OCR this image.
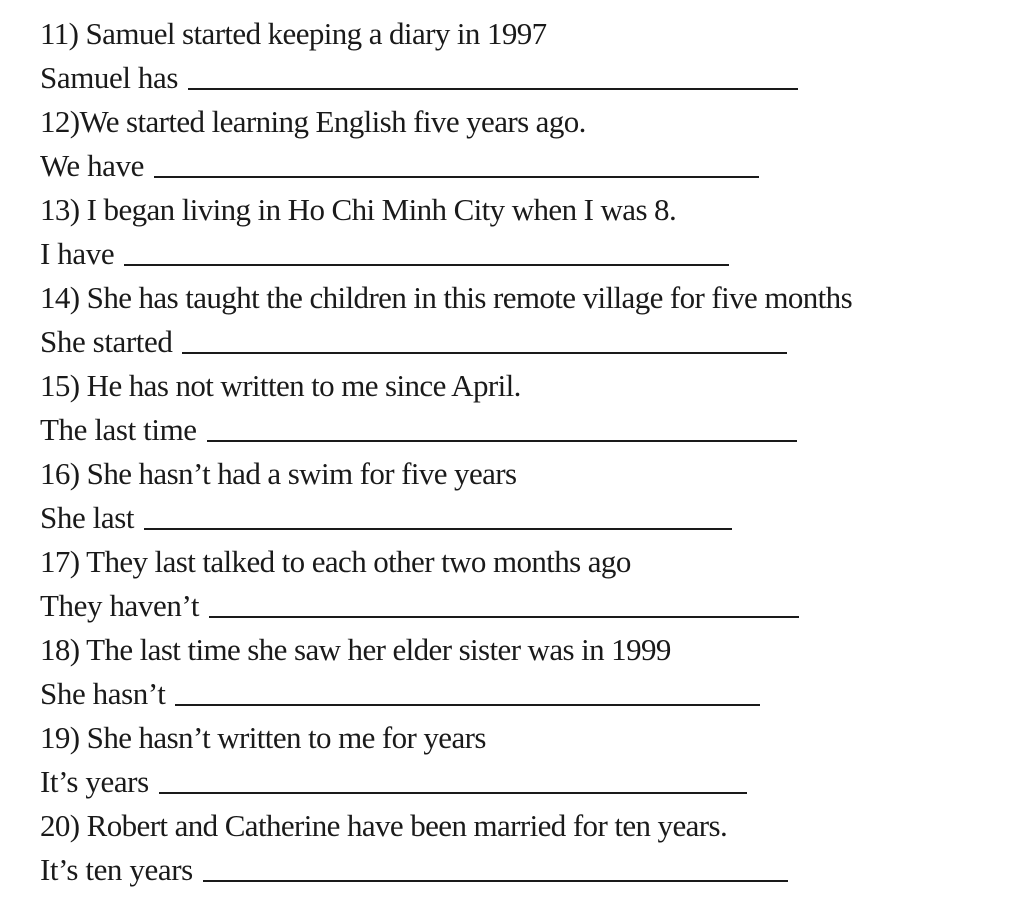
11) Samuel started keeping a diary in 1997
Samuel has
12)We started learning English five years ago.
We have
13) I began living in Ho Chi Minh City when I was 8.
I have
14) She has taught the children in this remote village for five months
She started
15) He has not written to me since April.
The last time
16) She hasn’t had a swim for five years
She last
17) They last talked to each other two months ago
They haven’t
18) The last time she saw her elder sister was in 1999
She hasn’t
19) She hasn’t written to me for years
It’s years
20) Robert and Catherine have been married for ten years.
It’s ten years
